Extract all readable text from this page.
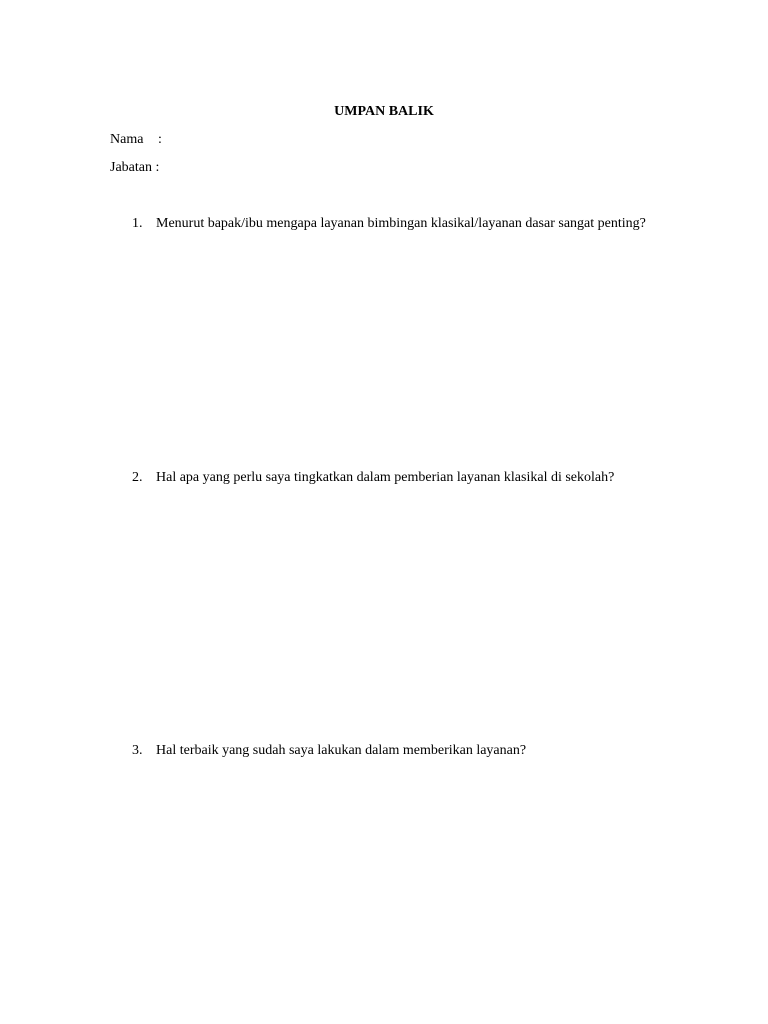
UMPAN BALIK
Nama :
Jabatan :
1. Menurut bapak/ibu mengapa layanan bimbingan klasikal/layanan dasar sangat penting?
2. Hal apa yang perlu saya tingkatkan dalam pemberian layanan klasikal di sekolah?
3. Hal terbaik yang sudah saya lakukan dalam memberikan layanan?
